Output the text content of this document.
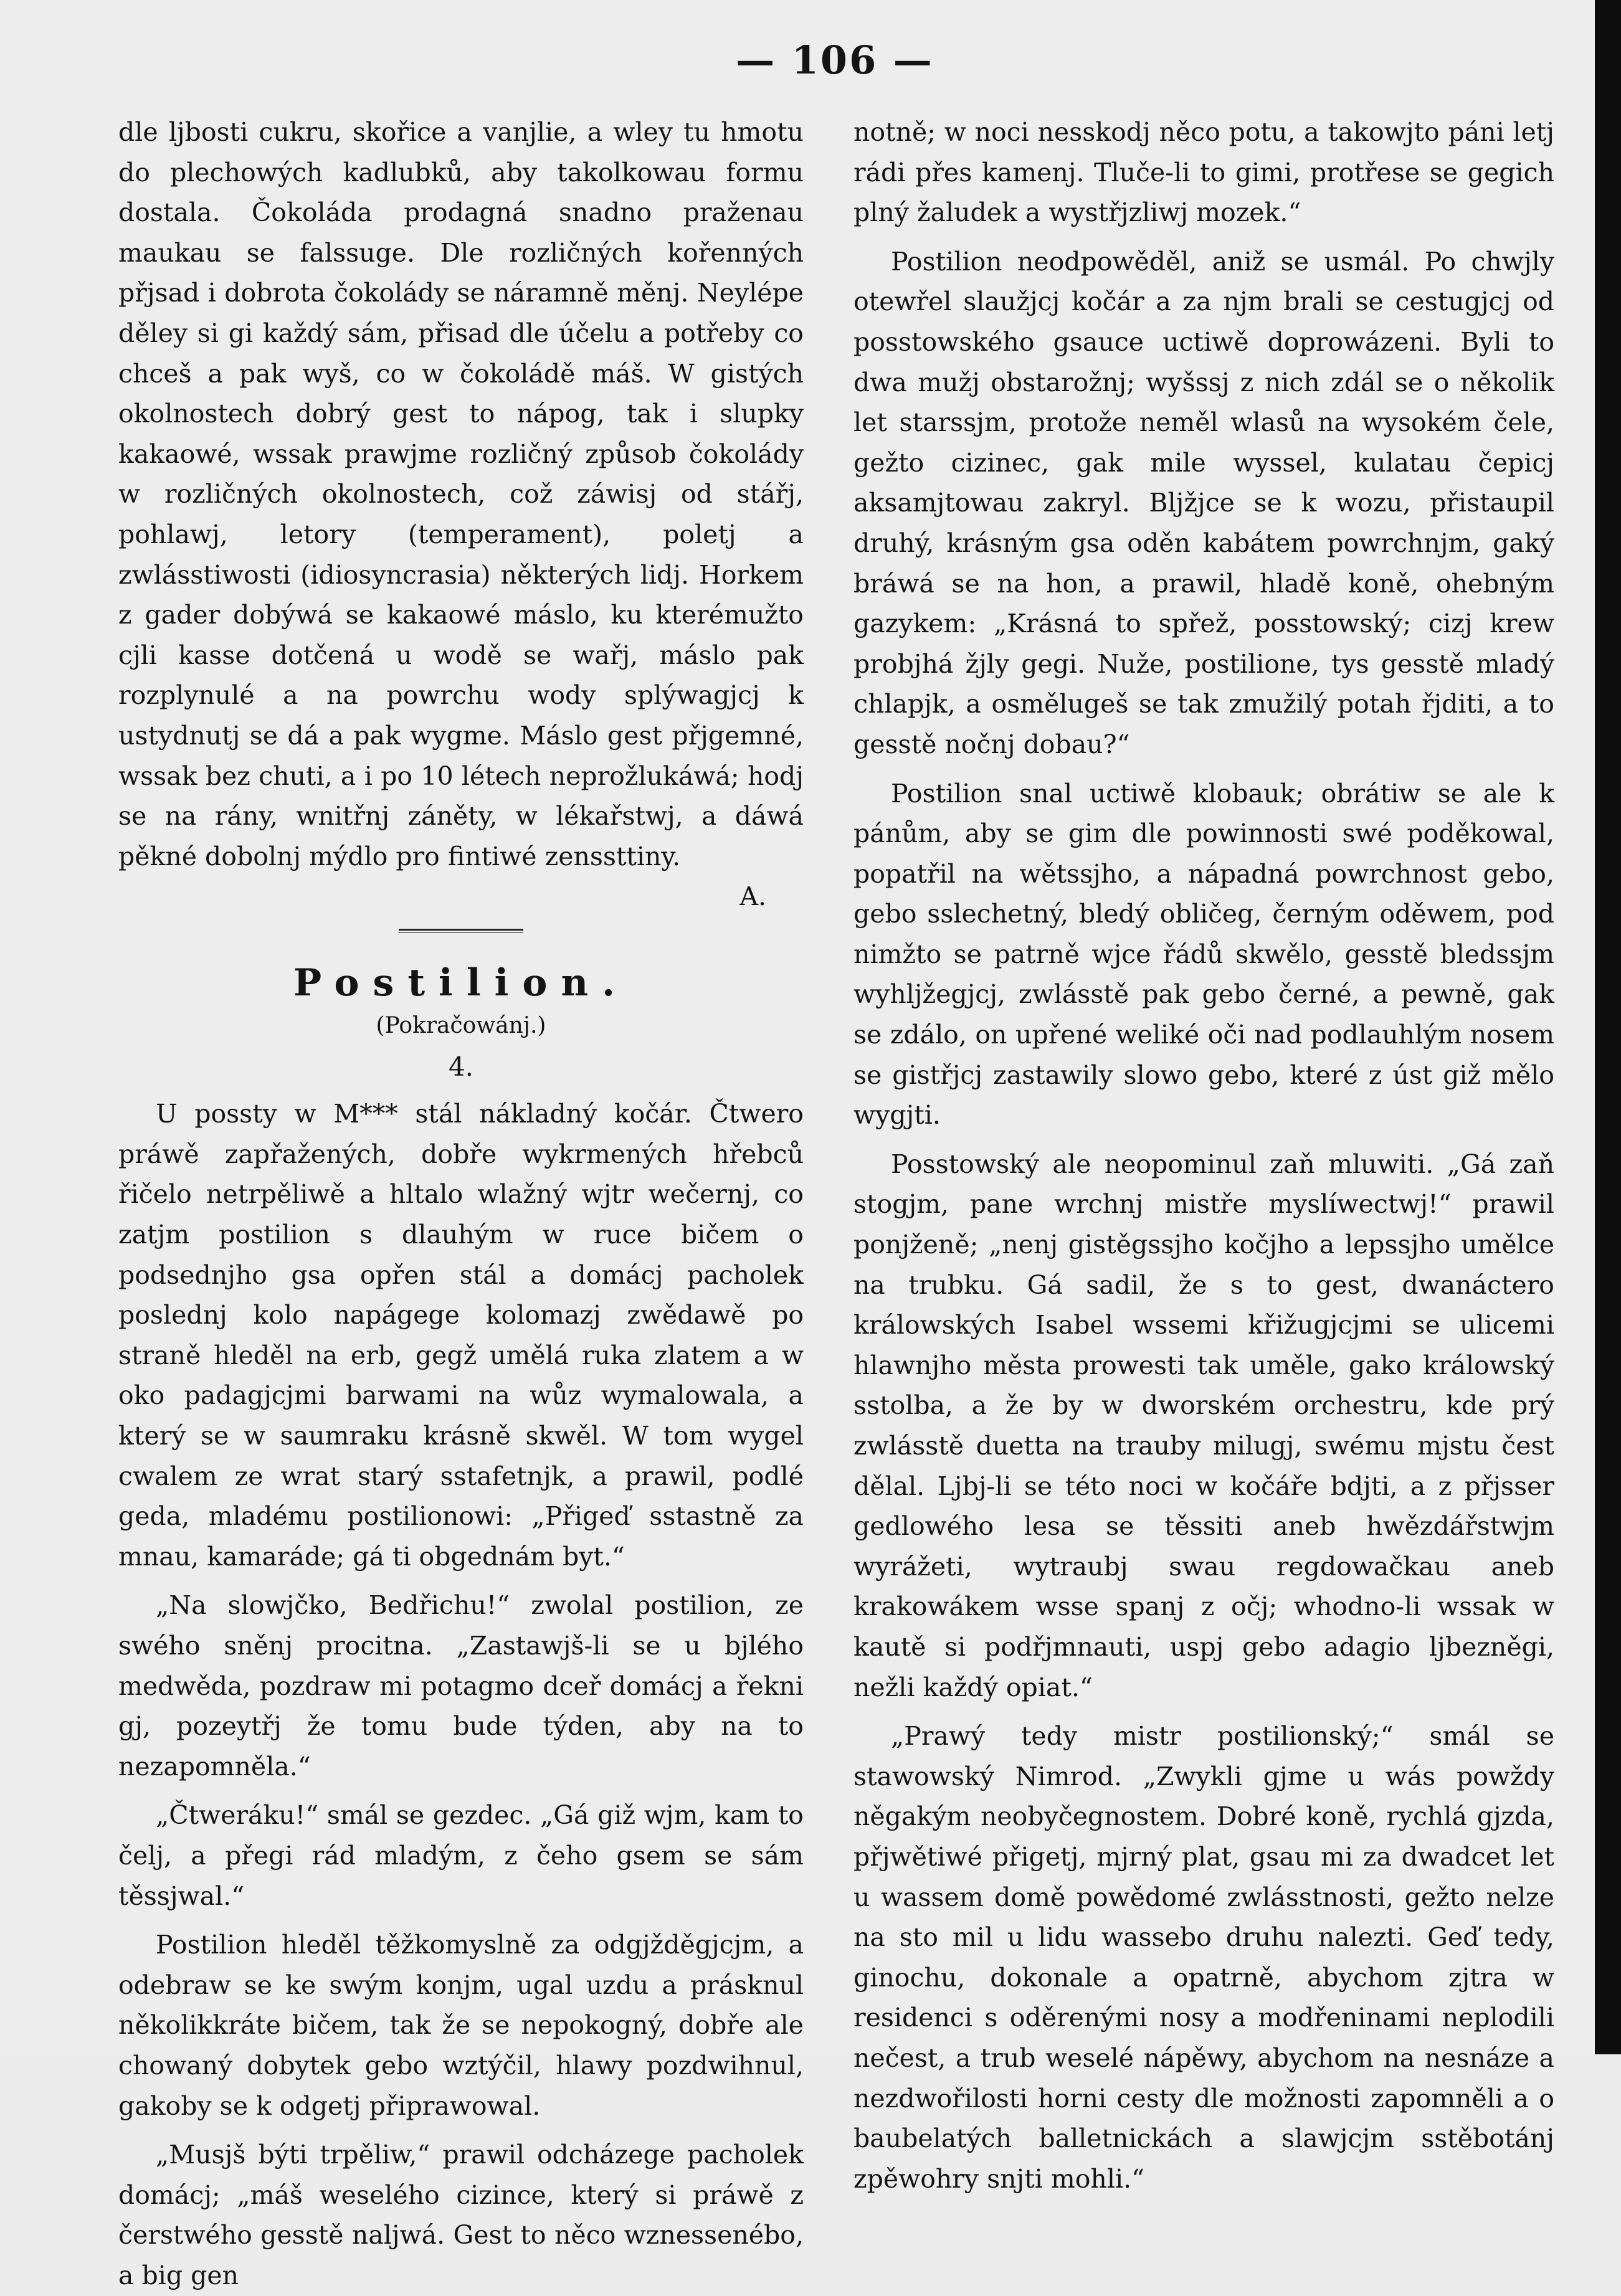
— 106 —

dle ljbosti cukru, skořice a vanjlie, a wley tu hmotu do plechowých kadlubků, aby takolkowau formu dostala. Čokoláda prodagná snadno praženau maukau se falssuge. Dle rozličných kořenných přjsad i dobrota čokolády se náramně měnj. Neylépe děley si gi každý sám, přisad dle účelu a potřeby co chceš a pak wyš, co w čokoládě máš. W gistých okolnostech dobrý gest to nápog, tak i slupky kakaowé, wssak prawjme rozličný způsob čokolády w rozličných okolnostech, což záwisj od stářj, pohlawj, letory (temperament), poletj a zwlásstiwosti (idiosyncrasia) některých lidj. Horkem z gader dobýwá se kakaowé máslo, ku kterémužto cjli kasse dotčená u wodě se wařj, máslo pak rozplynulé a na powrchu wody splýwagjcj k ustydnutj se dá a pak wygme. Máslo gest přjgemné, wssak bez chuti, a i po 10 létech neprožlukáwá; hodj se na rány, wnitřnj záněty, w lékařstwj, a dáwá pěkné dobolnj mýdlo pro fintiwé zenssttiny.

A.
Postilion.
(Pokračowánj.)
4.

U possty w M*** stál nákladný kočár. Čtwero práwě zapřažených, dobře wykrmených hřebců řičelo netrpěliwě a hltalo wlažný wjtr wečernj, co zatjm postilion s dlauhým w ruce bičem o podsednjho gsa opřen stál a domácj pacholek poslednj kolo napágege kolomazj zwědawě po straně hleděl na erb, gegž umělá ruka zlatem a w oko padagjcjmi barwami na wůz wymalowala, a který se w saumraku krásně skwěl. W tom wygel cwalem ze wrat starý sstafetnjk, a prawil, podlé geda, mladému postilionowi: „Přigeď sstastně za mnau, kamaráde; gá ti obgednám byt.“

„Na slowjčko, Bedřichu!“ zwolal postilion, ze swého sněnj procitna. „Zastawjš-li se u bjlého medwěda, pozdraw mi potagmo dceř domácj a řekni gj, pozeytřj že tomu bude týden, aby na to nezapomněla.“

„Čtweráku!“ smál se gezdec. „Gá giž wjm, kam to čelj, a přegi rád mladým, z čeho gsem se sám těssjwal.“

Postilion hleděl těžkomyslně za odgjžděgjcjm, a odebraw se ke swým konjm, ugal uzdu a prásknul několikkráte bičem, tak že se nepokogný, dobře ale chowaný dobytek gebo wztýčil, hlawy pozdwihnul, gakoby se k odgetj připrawowal.

„Musjš býti trpěliw,“ prawil odcházege pacholek domácj; „máš weselého cizince, který si práwě z čerstwého gesstě naljwá. Gest to něco wznessenébo, a big gen

notně; w noci nesskodj něco potu, a takowjto páni letj rádi přes kamenj. Tluče-li to gimi, protřese se gegich plný žaludek a wystřjzliwj mozek.“

Postilion neodpowěděl, aniž se usmál. Po chwjly otewřel slaužjcj kočár a za njm brali se cestugjcj od posstowského gsauce uctiwě doprowázeni. Byli to dwa mužj obstarožnj; wyšssj z nich zdál se o několik let starssjm, protože neměl wlasů na wysokém čele, gežto cizinec, gak mile wyssel, kulatau čepicj aksamjtowau zakryl. Bljžjce se k wozu, přistaupil druhý, krásným gsa oděn kabátem powrchnjm, gaký bráwá se na hon, a prawil, hladě koně, ohebným gazykem: „Krásná to spřež, posstowský; cizj krew probjhá žjly gegi. Nuže, postilione, tys gesstě mladý chlapjk, a osmělugeš se tak zmužilý potah řjditi, a to gesstě nočnj dobau?“

Postilion snal uctiwě klobauk; obrátiw se ale k pánům, aby se gim dle powinnosti swé poděkowal, popatřil na wětssjho, a nápadná powrchnost gebo, gebo sslechetný, bledý obličeg, černým oděwem, pod nimžto se patrně wjce řádů skwělo, gesstě bledssjm wyhljžegjcj, zwlásstě pak gebo černé, a pewně, gak se zdálo, on upřené weliké oči nad podlauhlým nosem se gistřjcj zastawily slowo gebo, které z úst giž mělo wygjti.

Posstowský ale neopominul zaň mluwiti. „Gá zaň stogjm, pane wrchnj mistře myslíwectwj!“ prawil ponjženě; „nenj gistěgssjho kočjho a lepssjho umělce na trubku. Gá sadil, že s to gest, dwanáctero králowských Isabel wssemi křižugjcjmi se ulicemi hlawnjho města prowesti tak uměle, gako králowský sstolba, a že by w dworském orchestru, kde prý zwlásstě duetta na trauby milugj, swému mjstu čest dělal. Ljbj-li se této noci w kočáře bdjti, a z přjsser gedlowého lesa se těssiti aneb hwězdářstwjm wyrážeti, wytraubj swau regdowačkau aneb krakowákem wsse spanj z očj; whodno-li wssak w kautě si podřjmnauti, uspj gebo adagio ljbezněgi, nežli každý opiat.“

„Prawý tedy mistr postilionský;“ smál se stawowský Nimrod. „Zwykli gjme u wás powždy něgakým neobyčegnostem. Dobré koně, rychlá gjzda, přjwětiwé přigetj, mjrný plat, gsau mi za dwadcet let u wassem domě powědomé zwlásstnosti, gežto nelze na sto mil u lidu wassebo druhu nalezti. Geď tedy, ginochu, dokonale a opatrně, abychom zjtra w residenci s oděrenými nosy a modřeninami neplodili nečest, a trub weselé nápěwy, abychom na nesnáze a nezdwořilosti horni cesty dle možnosti zapomněli a o baubelatých balletnickách a slawjcjm sstěbotánj zpěwohry snjti mohli.“
